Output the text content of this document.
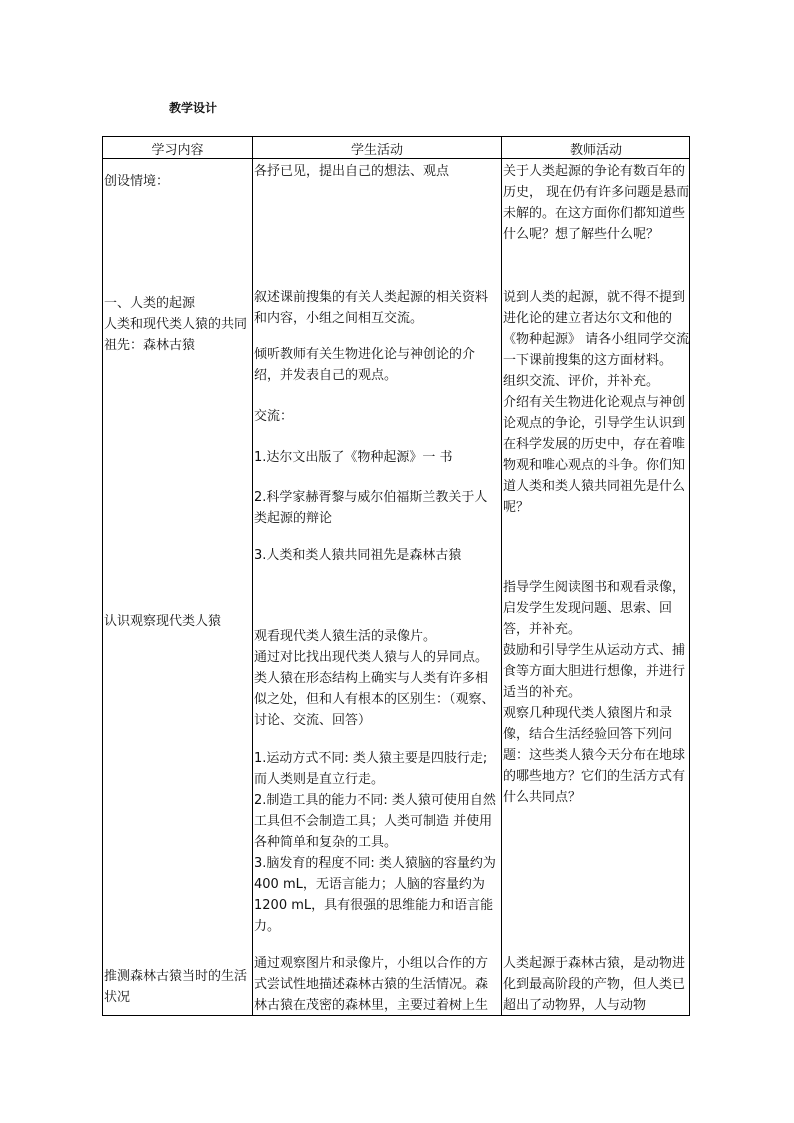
教学设计
学习内容	学生活动	教师活动
创设情境：
一、人类的起源
人类和现代类人猿的共同祖先：森林古猿
认识观察现代类人猿
推测森林古猿当时的生活状况
各抒已见，提出自己的想法、观点
叙述课前搜集的有关人类起源的相关资料和内容，小组之间相互交流。
倾听教师有关生物进化论与神创论的介绍，并发表自己的观点。
交流：
1.达尔文出版了《物种起源》一 书
2.科学家赫胥黎与威尔伯福斯兰教关于人类起源的辩论
3.人类和类人猿共同祖先是森林古猿
观看现代类人猿生活的录像片。
通过对比找出现代类人猿与人的异同点。类人猿在形态结构上确实与人类有许多相似之处，但和人有根本的区别生：（观察、讨论、交流、回答）
1.运动方式不同: 类人猿主要是四肢行走;而人类则是直立行走。
2.制造工具的能力不同: 类人猿可使用自然工具但不会制造工具；人类可制造 并使用各种简单和复杂的工具。
3.脑发育的程度不同: 类人猿脑的容量约为 400 mL，无语言能力；人脑的容量约为 1200 mL，具有很强的思维能力和语言能力。
通过观察图片和录像片，小组以合作的方式尝试性地描述森林古猿的生活情况。森林古猿在茂密的森林里，主要过着树上生
关于人类起源的争论有数百年的历史， 现在仍有许多问题是悬而未解的。在这方面你们都知道些什么呢？想了解些什么呢？
说到人类的起源，就不得不提到进化论的建立者达尔文和他的《物种起源》 请各小组同学交流一下课前搜集的这方面材料。
组织交流、评价，并补充。
介绍有关生物进化论观点与神创论观点的争论，引导学生认识到在科学发展的历史中，存在着唯物观和唯心观点的斗争。你们知道人类和类人猿共同祖先是什么呢？
指导学生阅读图书和观看录像，启发学生发现问题、思索、回答，并补充。
鼓励和引导学生从运动方式、捕食等方面大胆进行想像，并进行适当的补充。
观察几种现代类人猿图片和录像，结合生活经验回答下列问题：这些类人猿今天分布在地球的哪些地方？它们的生活方式有什么共同点？
人类起源于森林古猿，是动物进化到最高阶段的产物，但人类已超出了动物界，人与动物
